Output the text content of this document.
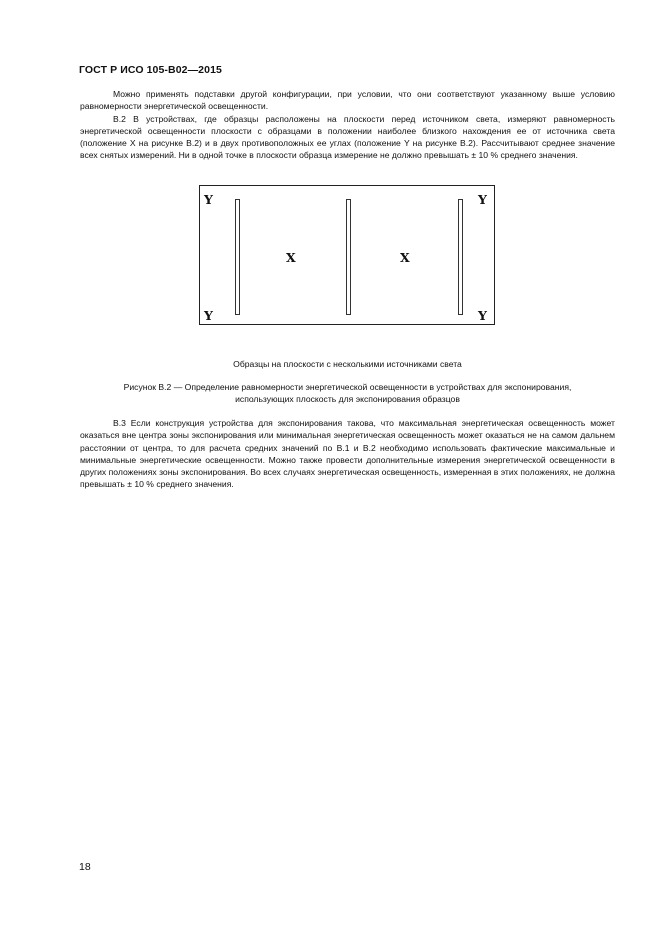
ГОСТ Р ИСО 105-B02—2015

Можно применять подставки другой конфигурации, при условии, что они соответствуют указанному выше условию равномерности энергетической освещенности.

В.2 В устройствах, где образцы расположены на плоскости перед источником света, измеряют равномерность энергетической освещенности плоскости с образцами в положении наиболее близкого нахождения ее от источника света (положение X на рисунке В.2) и в двух противоположных ее углах (положение Y на рисунке В.2). Рассчитывают среднее значение всех снятых измерений. Ни в одной точке в плоскости образца измерение не должно превышать ± 10 % среднего значения.

Y	Y
Y	Y
X	X
Образцы на плоскости с несколькими источниками света
Рисунок В.2 — Определение равномерности энергетической освещенности в устройствах для экспонирования,
использующих плоскость для экспонирования образцов

В.3 Если конструкция устройства для экспонирования такова, что максимальная энергетическая освещенность может оказаться вне центра зоны экспонирования или минимальная энергетическая освещенность может оказаться не на самом дальнем расстоянии от центра, то для расчета средних значений по В.1 и В.2 необходимо использовать фактические максимальные и минимальные энергетические освещенности. Можно также провести дополнительные измерения энергетической освещенности в других положениях зоны экспонирования. Во всех случаях энергетическая освещенность, измеренная в этих положениях, не должна превышать ± 10 % среднего значения.

18
